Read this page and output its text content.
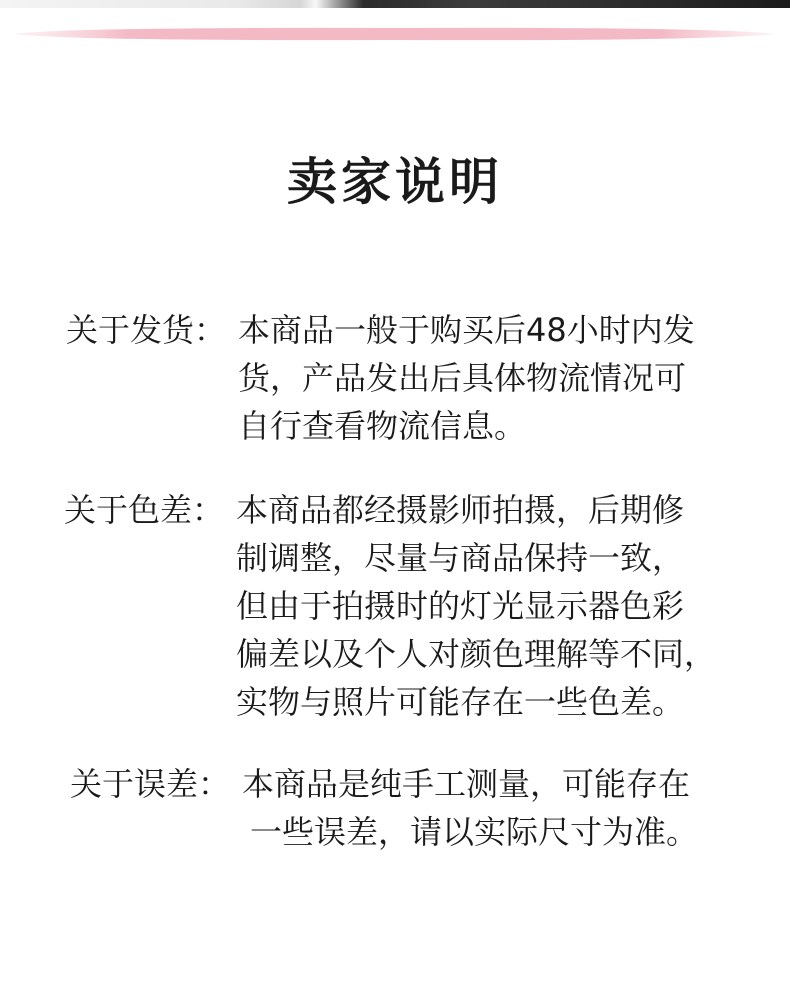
卖家说明
关于发货： 本商品一般于购买后48小时内发
货，产品发出后具体物流情况可
自行查看物流信息。
关于色差： 本商品都经摄影师拍摄，后期修
制调整，尽量与商品保持一致，
但由于拍摄时的灯光显示器色彩
偏差以及个人对颜色理解等不同，
实物与照片可能存在一些色差。
关于误差： 本商品是纯手工测量，可能存在
一些误差，请以实际尺寸为准。
